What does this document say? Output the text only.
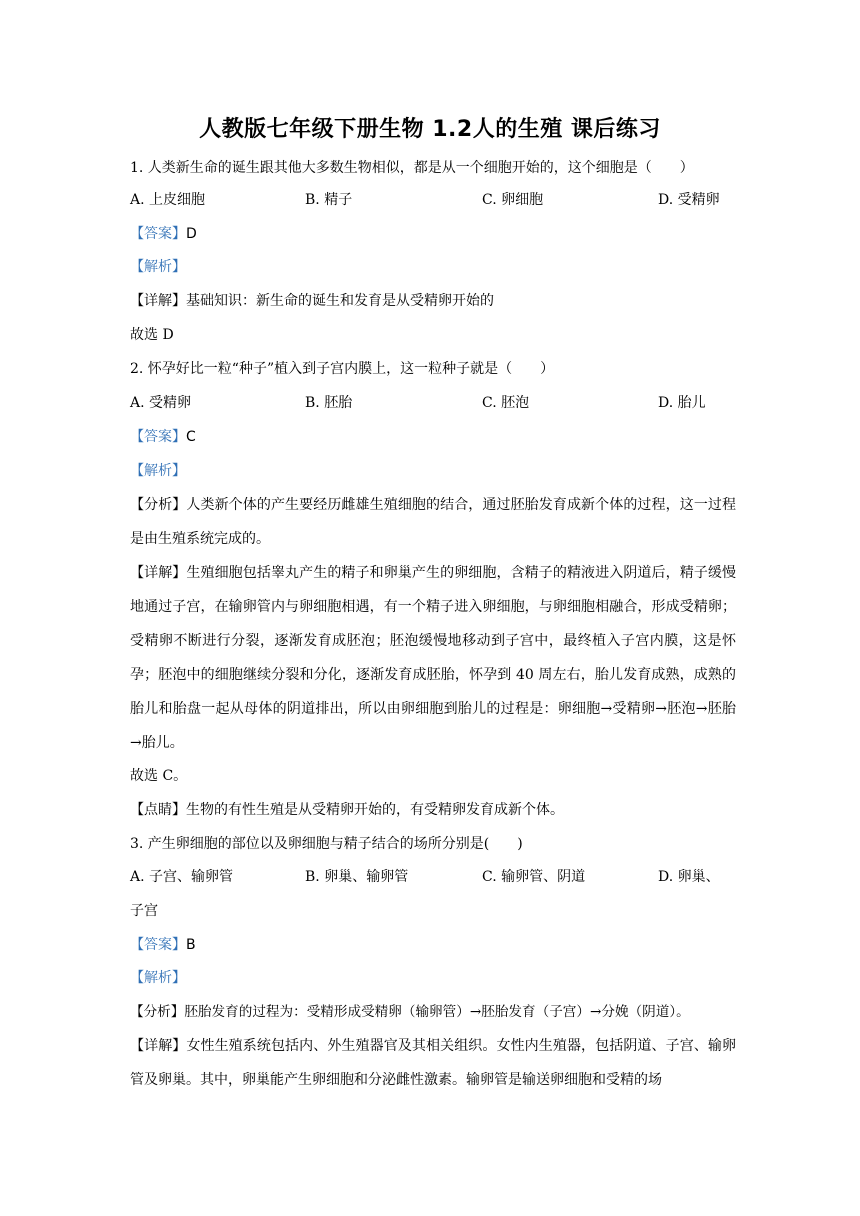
人教版七年级下册生物 1.2人的生殖 课后练习
1. 人类新生命的诞生跟其他大多数生物相似，都是从一个细胞开始的，这个细胞是（　　）
A. 上皮细胞	B. 精子	C. 卵细胞	D. 受精卵
【答案】D
【解析】
【详解】基础知识：新生命的诞生和发育是从受精卵开始的
故选 D
2. 怀孕好比一粒“种子”植入到子宫内膜上，这一粒种子就是（　　）
A. 受精卵	B. 胚胎	C. 胚泡	D. 胎儿
【答案】C
【解析】
【分析】人类新个体的产生要经历雌雄生殖细胞的结合，通过胚胎发育成新个体的过程，这一过程是由生殖系统完成的。
【详解】生殖细胞包括睾丸产生的精子和卵巢产生的卵细胞，含精子的精液进入阴道后，精子缓慢地通过子宫，在输卵管内与卵细胞相遇，有一个精子进入卵细胞，与卵细胞相融合，形成受精卵；受精卵不断进行分裂，逐渐发育成胚泡；胚泡缓慢地移动到子宫中，最终植入子宫内膜，这是怀孕；胚泡中的细胞继续分裂和分化，逐渐发育成胚胎，怀孕到 40 周左右，胎儿发育成熟，成熟的胎儿和胎盘一起从母体的阴道排出，所以由卵细胞到胎儿的过程是：卵细胞→受精卵→胚泡→胚胎→胎儿。
故选 C。
【点睛】生物的有性生殖是从受精卵开始的，有受精卵发育成新个体。
3. 产生卵细胞的部位以及卵细胞与精子结合的场所分别是(　　)
A. 子宫、输卵管	B. 卵巢、输卵管	C. 输卵管、阴道	D. 卵巢、
子宫
【答案】B
【解析】
【分析】胚胎发育的过程为：受精形成受精卵（输卵管）→胚胎发育（子宫）→分娩（阴道）。
【详解】女性生殖系统包括内、外生殖器官及其相关组织。女性内生殖器，包括阴道、子宫、输卵管及卵巢。其中，卵巢能产生卵细胞和分泌雌性激素。输卵管是输送卵细胞和受精的场
